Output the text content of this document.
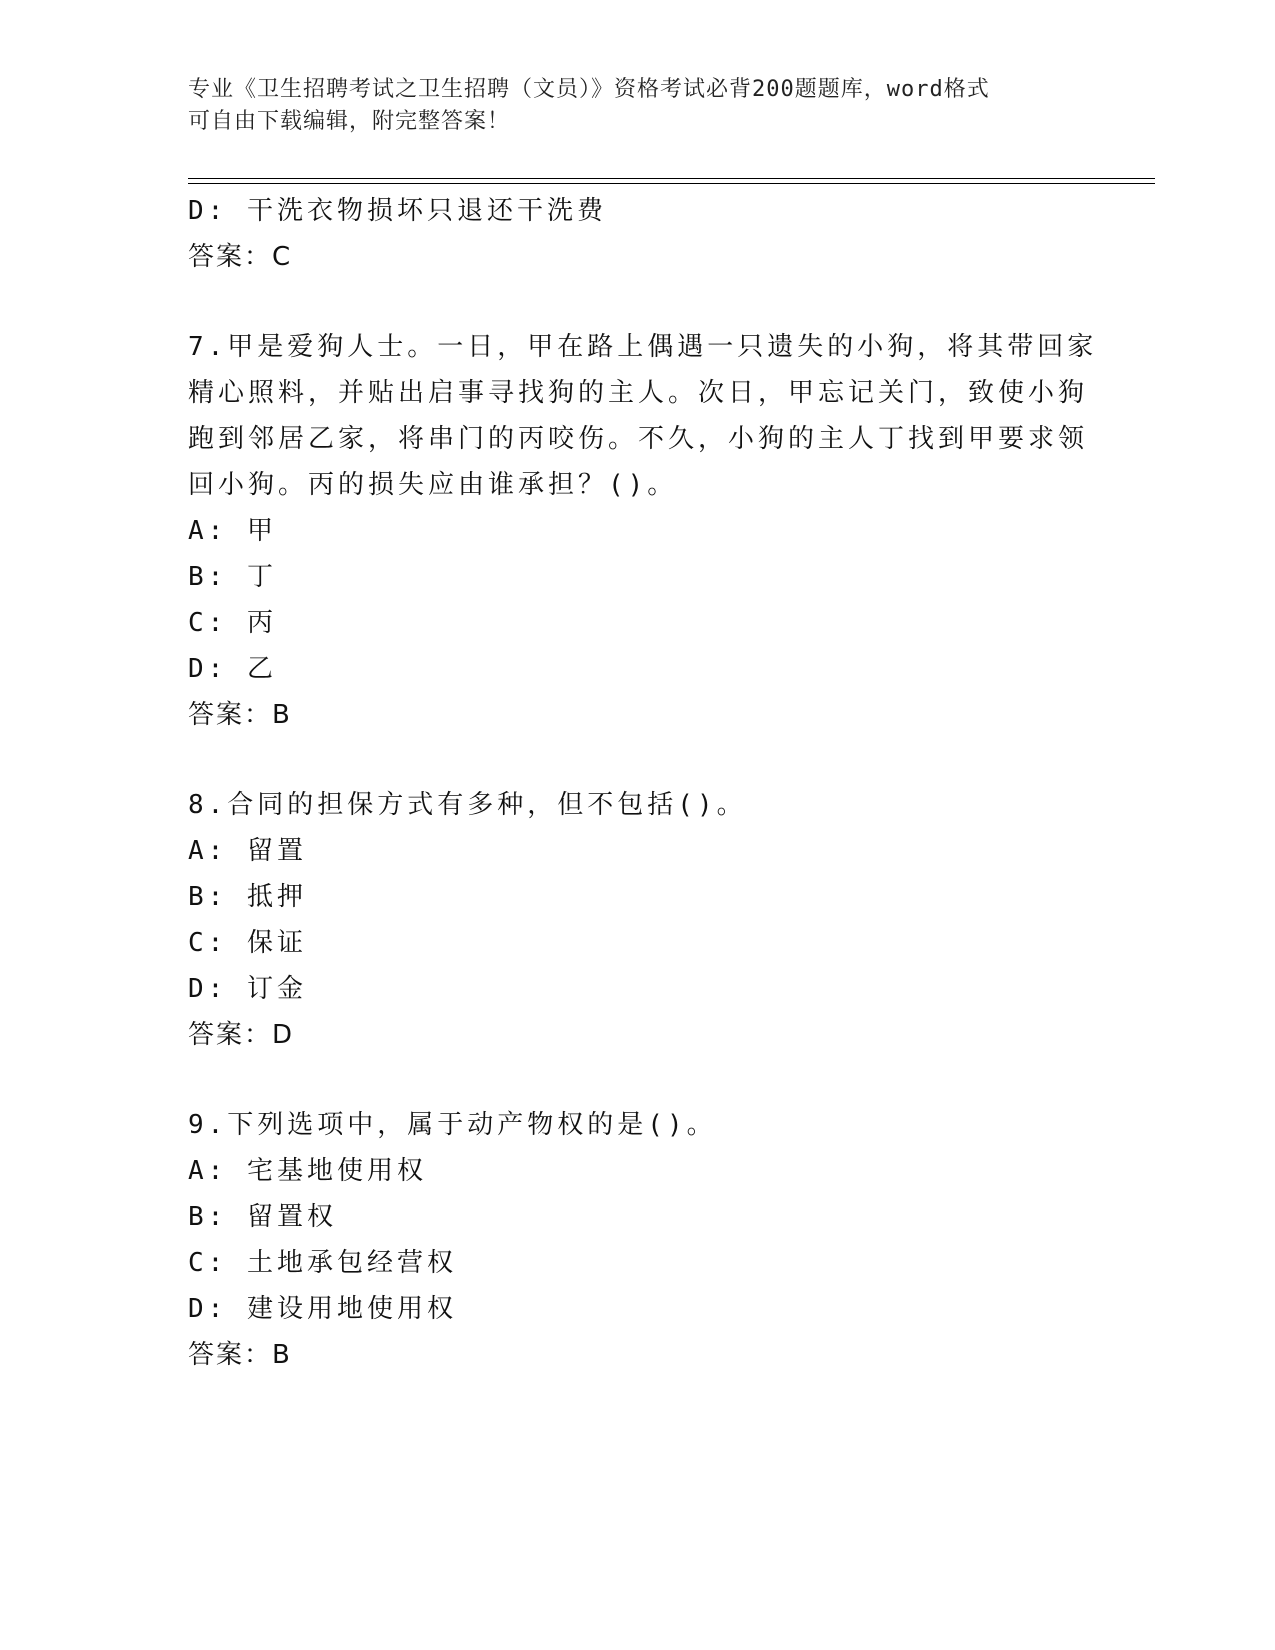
专业《卫生招聘考试之卫生招聘（文员）》资格考试必背200题题库，word格式
可自由下载编辑，附完整答案！
D: 干洗衣物损坏只退还干洗费
答案：C
7.甲是爱狗人士。一日，甲在路上偶遇一只遗失的小狗，将其带回家
精心照料，并贴出启事寻找狗的主人。次日，甲忘记关门，致使小狗
跑到邻居乙家，将串门的丙咬伤。不久，小狗的主人丁找到甲要求领
回小狗。丙的损失应由谁承担？()。
A: 甲
B: 丁
C: 丙
D: 乙
答案：B
8.合同的担保方式有多种，但不包括()。
A: 留置
B: 抵押
C: 保证
D: 订金
答案：D
9.下列选项中，属于动产物权的是()。
A: 宅基地使用权
B: 留置权
C: 土地承包经营权
D: 建设用地使用权
答案：B
